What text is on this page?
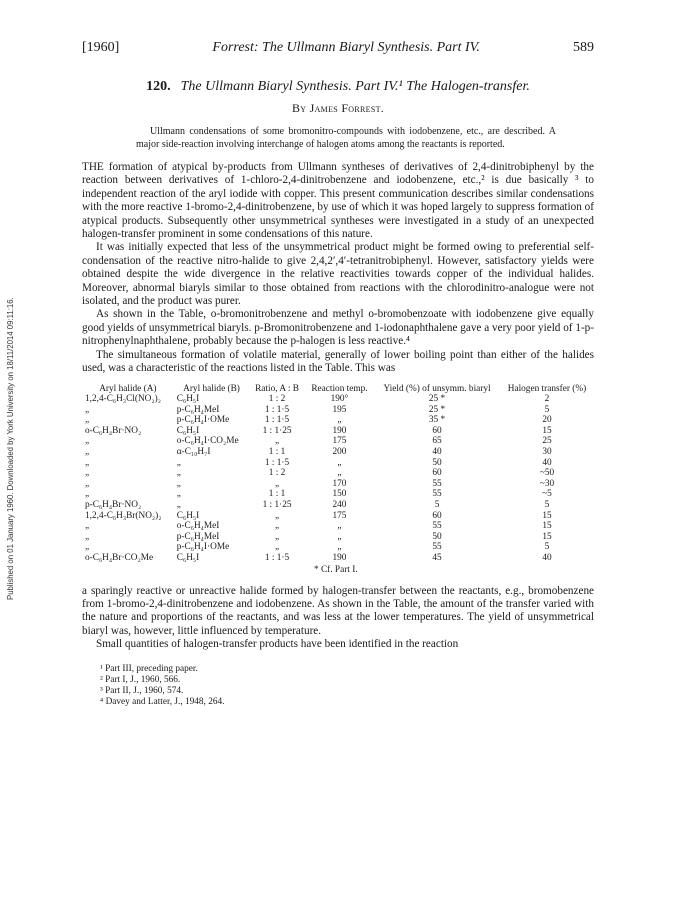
Published on 01 January 1960. Downloaded by York University on 18/11/2014 09:11:16.
[1960]	Forrest: The Ullmann Biaryl Synthesis. Part IV.	589
120. The Ullmann Biaryl Synthesis. Part IV.¹ The Halogen-transfer.
By James Forrest.
Ullmann condensations of some bromonitro-compounds with iodobenzene, etc., are described. A major side-reaction involving interchange of halogen atoms among the reactants is reported.

THE formation of atypical by-products from Ullmann syntheses of derivatives of 2,4-dinitrobiphenyl by the reaction between derivatives of 1-chloro-2,4-dinitrobenzene and iodobenzene, etc.,² is due basically ³ to independent reaction of the aryl iodide with copper. This present communication describes similar condensations with the more reactive 1-bromo-2,4-dinitrobenzene, by use of which it was hoped largely to suppress formation of atypical products. Subsequently other unsymmetrical syntheses were investigated in a study of an unexpected halogen-transfer prominent in some condensations of this nature.

It was initially expected that less of the unsymmetrical product might be formed owing to preferential self-condensation of the reactive nitro-halide to give 2,4,2′,4′-tetranitrobiphenyl. However, satisfactory yields were obtained despite the wide divergence in the relative reactivities towards copper of the individual halides. Moreover, abnormal biaryls similar to those obtained from reactions with the chlorodinitro-analogue were not isolated, and the product was purer.

As shown in the Table, o-bromonitrobenzene and methyl o-bromobenzoate with iodobenzene give equally good yields of unsymmetrical biaryls. p-Bromonitrobenzene and 1-iodonaphthalene gave a very poor yield of 1-p-nitrophenylnaphthalene, probably because the p-halogen is less reactive.⁴

The simultaneous formation of volatile material, generally of lower boiling point than either of the halides used, was a characteristic of the reactions listed in the Table. This was

Aryl halide (A)	Aryl halide (B)	Ratio, A : B	Reaction temp.	Yield (%) of unsymm. biaryl	Halogen transfer (%)
1,2,4-C₆H₃Cl(NO₂)₂	C₆H₅I	1 : 2	190°	25 *	2
„	p-C₆H₄MeI	1 : 1·5	195	25 *	5
„	p-C₆H₄I·OMe	1 : 1·5	„	35 *	20
o-C₆H₄Br·NO₂	C₆H₅I	1 : 1·25	190	60	15
„	o-C₆H₄I·CO₂Me	„	175	65	25
„	α-C₁₀H₇I	1 : 1	200	40	30
„	„	1 : 1·5	„	50	40
„	„	1 : 2	„	60	~50
„	„	„	170	55	~30
„	„	1 : 1	150	55	~5
p-C₆H₄Br·NO₂	„	1 : 1·25	240	5	5
1,2,4-C₆H₃Br(NO₂)₂	C₆H₅I	„	175	60	15
„	o-C₆H₄MeI	„	„	55	15
„	p-C₆H₄MeI	„	„	50	15
„	p-C₆H₄I·OMe	„	„	55	5
o-C₆H₄Br·CO₂Me	C₆H₅I	1 : 1·5	190	45	40
* Cf. Part I.

a sparingly reactive or unreactive halide formed by halogen-transfer between the reactants, e.g., bromobenzene from 1-bromo-2,4-dinitrobenzene and iodobenzene. As shown in the Table, the amount of the transfer varied with the nature and proportions of the reactants, and was less at the lower temperatures. The yield of unsymmetrical biaryl was, however, little influenced by temperature.

Small quantities of halogen-transfer products have been identified in the reaction

¹ Part III, preceding paper.
² Part I, J., 1960, 566.
³ Part II, J., 1960, 574.
⁴ Davey and Latter, J., 1948, 264.
